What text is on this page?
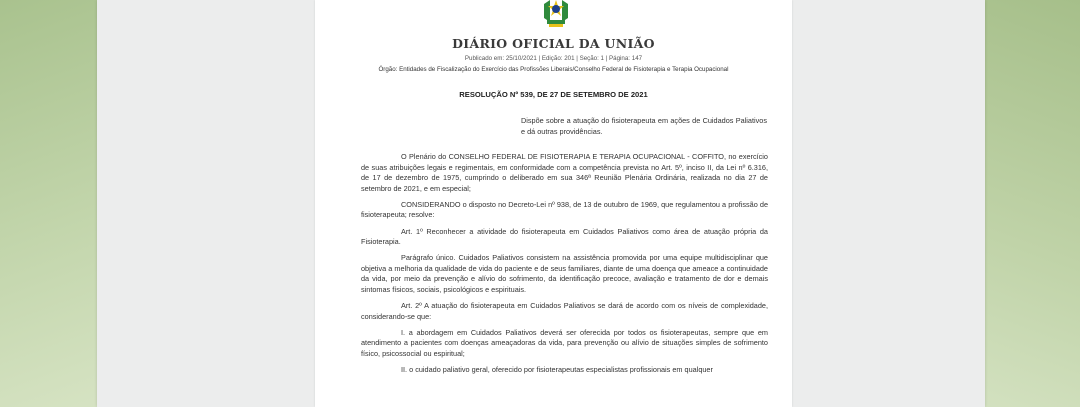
DIÁRIO OFICIAL DA UNIÃO
Publicado em: 25/10/2021 | Edição: 201 | Seção: 1 | Página: 147
Órgão: Entidades de Fiscalização do Exercício das Profissões Liberais/Conselho Federal de Fisioterapia e Terapia Ocupacional
RESOLUÇÃO Nº 539, DE 27 DE SETEMBRO DE 2021
Dispõe sobre a atuação do fisioterapeuta em ações de Cuidados Paliativos e dá outras providências.

O Plenário do CONSELHO FEDERAL DE FISIOTERAPIA E TERAPIA OCUPACIONAL - COFFITO, no exercício de suas atribuições legais e regimentais, em conformidade com a competência prevista no Art. 5º, inciso II, da Lei nº 6.316, de 17 de dezembro de 1975, cumprindo o deliberado em sua 346ª Reunião Plenária Ordinária, realizada no dia 27 de setembro de 2021, e em especial;

CONSIDERANDO o disposto no Decreto-Lei nº 938, de 13 de outubro de 1969, que regulamentou a profissão de fisioterapeuta; resolve:

Art. 1º Reconhecer a atividade do fisioterapeuta em Cuidados Paliativos como área de atuação própria da Fisioterapia.

Parágrafo único. Cuidados Paliativos consistem na assistência promovida por uma equipe multidisciplinar que objetiva a melhoria da qualidade de vida do paciente e de seus familiares, diante de uma doença que ameace a continuidade da vida, por meio da prevenção e alívio do sofrimento, da identificação precoce, avaliação e tratamento de dor e demais sintomas físicos, sociais, psicológicos e espirituais.

Art. 2º A atuação do fisioterapeuta em Cuidados Paliativos se dará de acordo com os níveis de complexidade, considerando-se que:

I. a abordagem em Cuidados Paliativos deverá ser oferecida por todos os fisioterapeutas, sempre que em atendimento a pacientes com doenças ameaçadoras da vida, para prevenção ou alívio de situações simples de sofrimento físico, psicossocial ou espiritual;

II. o cuidado paliativo geral, oferecido por fisioterapeutas especialistas profissionais em qualquer
